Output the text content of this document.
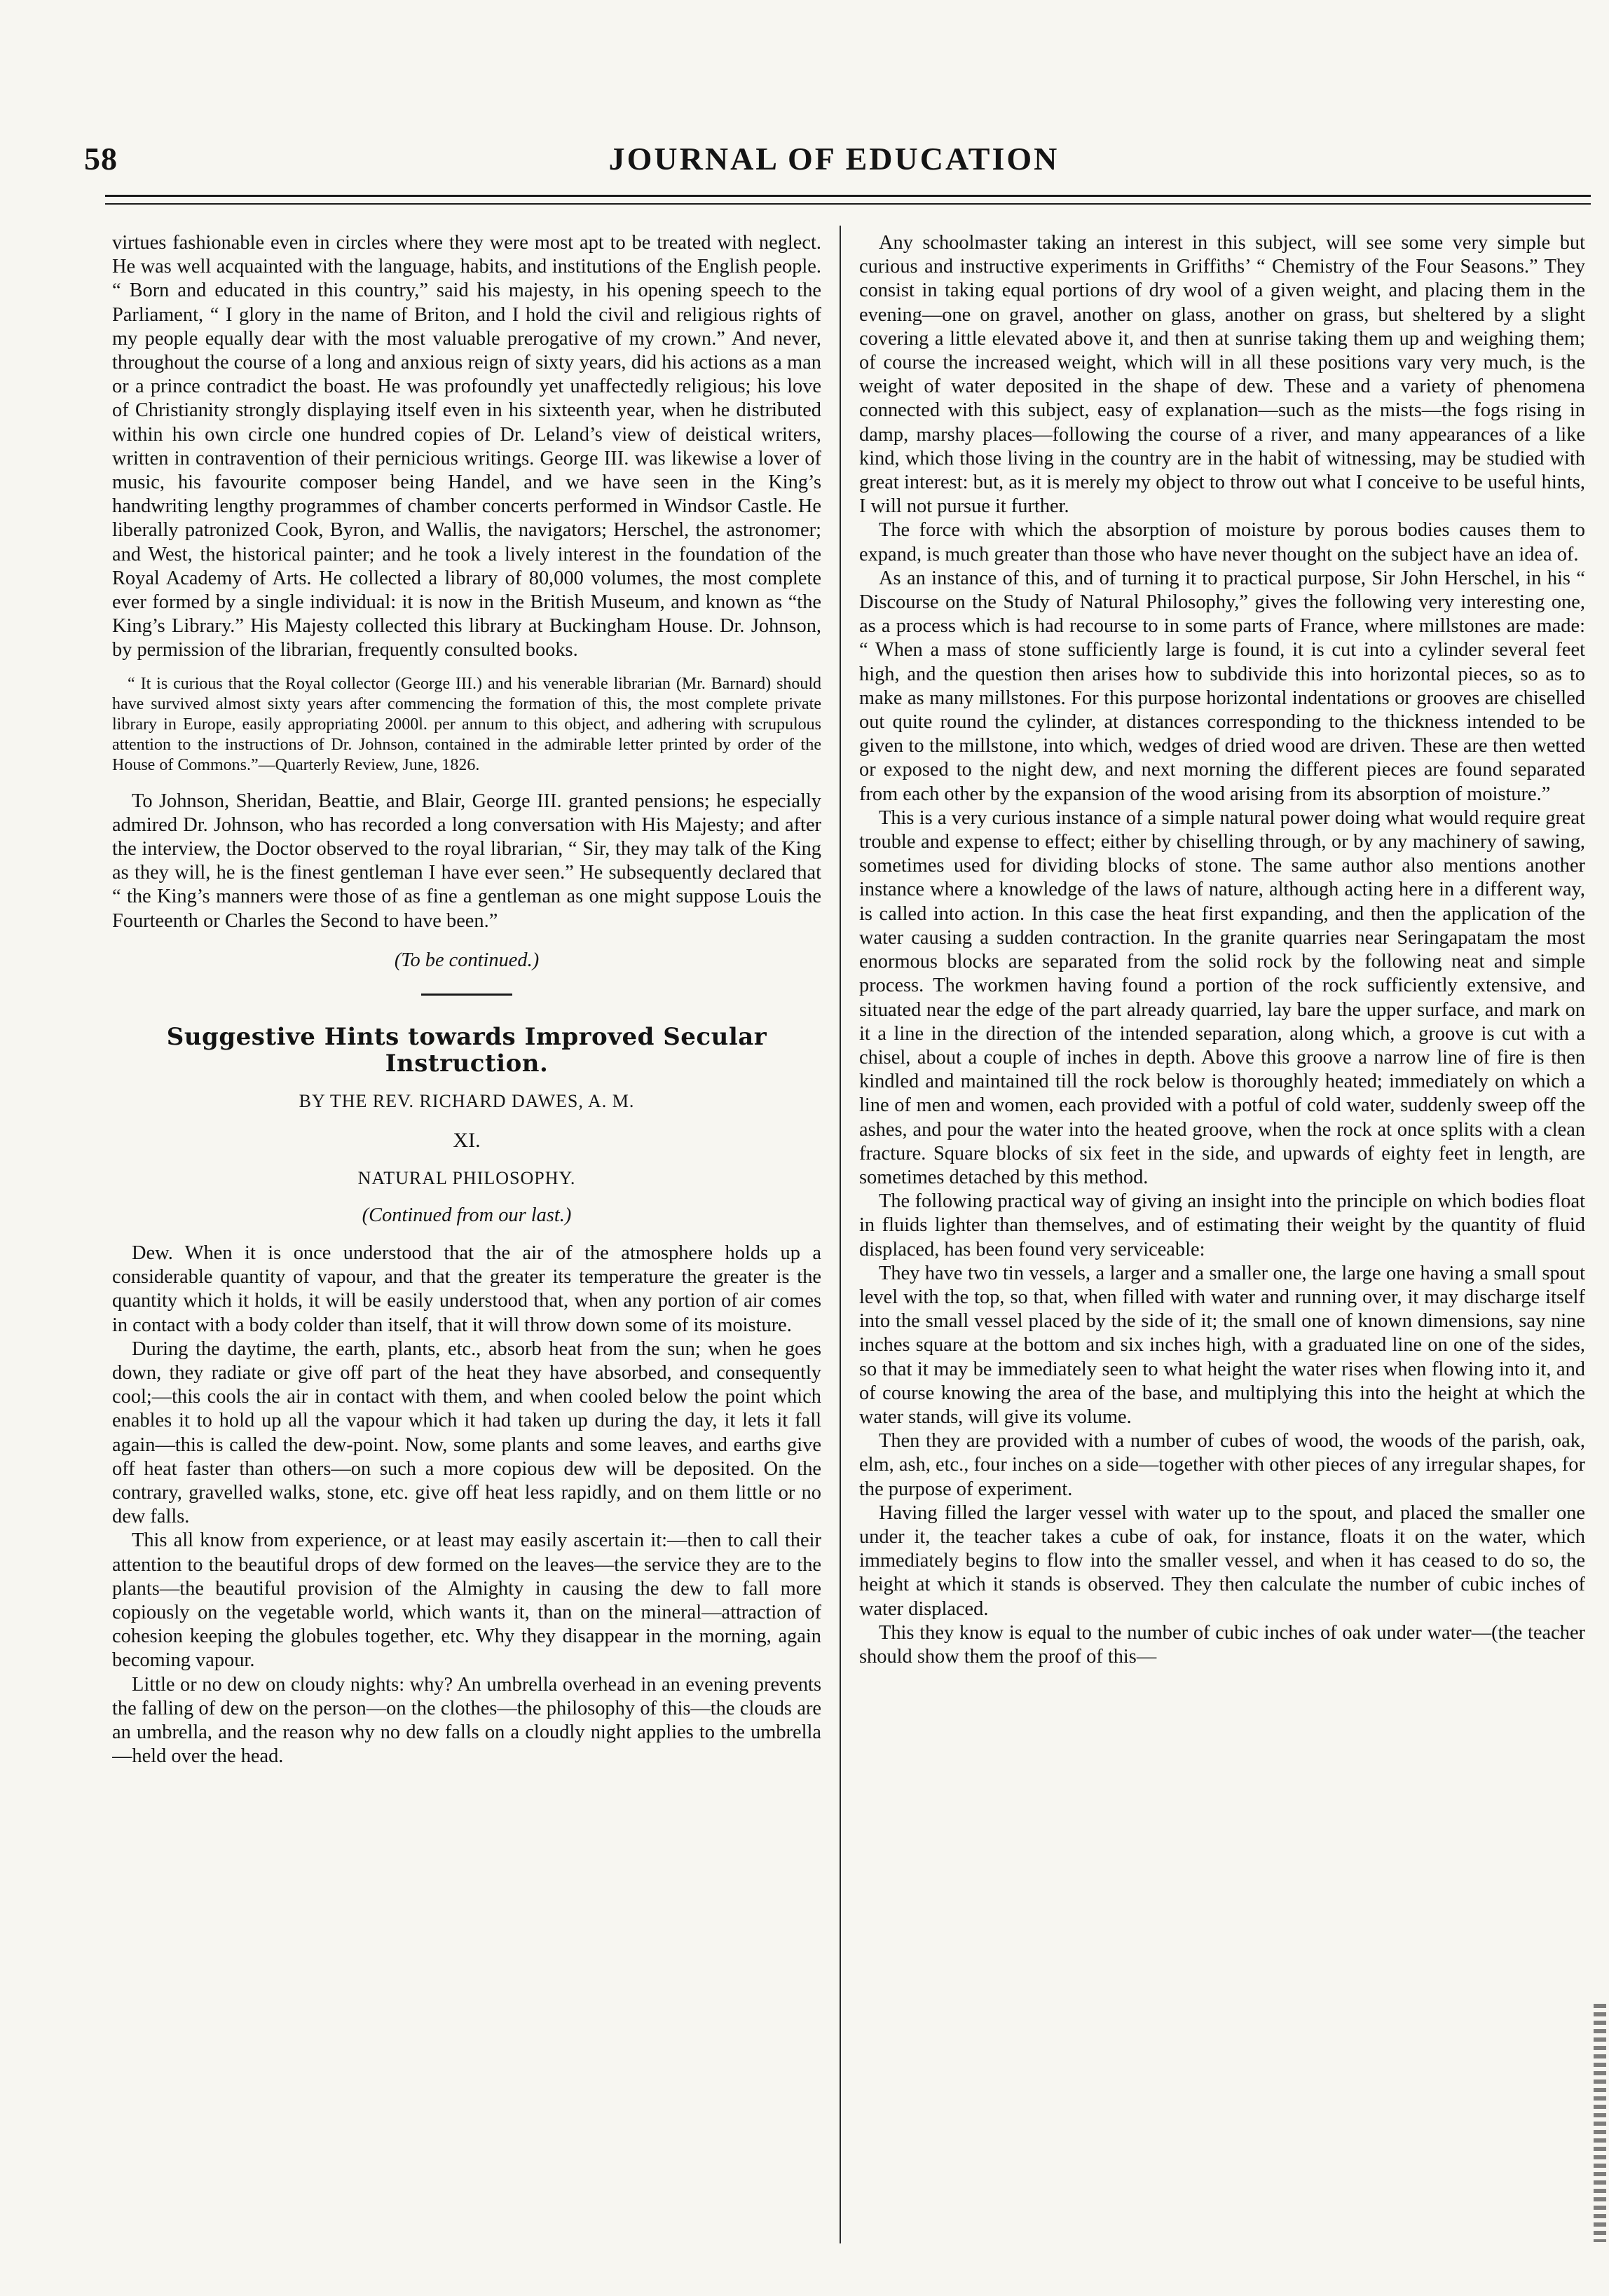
58	JOURNAL OF EDUCATION

virtues fashionable even in circles where they were most apt to be treated with neglect. He was well acquainted with the language, habits, and institutions of the English people. “ Born and educated in this country,” said his majesty, in his opening speech to the Parliament, “ I glory in the name of Briton, and I hold the civil and religious rights of my people equally dear with the most valuable prerogative of my crown.” And never, throughout the course of a long and anxious reign of sixty years, did his actions as a man or a prince contradict the boast. He was profoundly yet unaffectedly religious; his love of Christianity strongly displaying itself even in his sixteenth year, when he distributed within his own circle one hundred copies of Dr. Leland’s view of deistical writers, written in contravention of their pernicious writings. George III. was likewise a lover of music, his favourite composer being Handel, and we have seen in the King’s handwriting lengthy programmes of chamber concerts performed in Windsor Castle. He liberally patronized Cook, Byron, and Wallis, the navigators; Herschel, the astronomer; and West, the historical painter; and he took a lively interest in the foundation of the Royal Academy of Arts. He collected a library of 80,000 volumes, the most complete ever formed by a single individual: it is now in the British Museum, and known as “the King’s Library.” His Majesty collected this library at Buckingham House. Dr. Johnson, by permission of the librarian, frequently consulted books.

“ It is curious that the Royal collector (George III.) and his venerable librarian (Mr. Barnard) should have survived almost sixty years after commencing the formation of this, the most complete private library in Europe, easily appropriating 2000l. per annum to this object, and adhering with scrupulous attention to the instructions of Dr. Johnson, contained in the admirable letter printed by order of the House of Commons.”—Quarterly Review, June, 1826.

To Johnson, Sheridan, Beattie, and Blair, George III. granted pensions; he especially admired Dr. Johnson, who has recorded a long conversation with His Majesty; and after the interview, the Doctor observed to the royal librarian, “ Sir, they may talk of the King as they will, he is the finest gentleman I have ever seen.” He subsequently declared that “ the King’s manners were those of as fine a gentleman as one might suppose Louis the Fourteenth or Charles the Second to have been.”

(To be continued.)
Suggestive Hints towards Improved Secular Instruction.
BY THE REV. RICHARD DAWES, A. M.
XI.
NATURAL PHILOSOPHY.
(Continued from our last.)

Dew. When it is once understood that the air of the atmosphere holds up a considerable quantity of vapour, and that the greater its temperature the greater is the quantity which it holds, it will be easily understood that, when any portion of air comes in contact with a body colder than itself, that it will throw down some of its moisture.

During the daytime, the earth, plants, etc., absorb heat from the sun; when he goes down, they radiate or give off part of the heat they have absorbed, and consequently cool;—this cools the air in contact with them, and when cooled below the point which enables it to hold up all the vapour which it had taken up during the day, it lets it fall again—this is called the dew-point. Now, some plants and some leaves, and earths give off heat faster than others—on such a more copious dew will be deposited. On the contrary, gravelled walks, stone, etc. give off heat less rapidly, and on them little or no dew falls.

This all know from experience, or at least may easily ascertain it:—then to call their attention to the beautiful drops of dew formed on the leaves—the service they are to the plants—the beautiful provision of the Almighty in causing the dew to fall more copiously on the vegetable world, which wants it, than on the mineral—attraction of cohesion keeping the globules together, etc. Why they disappear in the morning, again becoming vapour.

Little or no dew on cloudy nights: why? An umbrella overhead in an evening prevents the falling of dew on the person—on the clothes—the philosophy of this—the clouds are an umbrella, and the reason why no dew falls on a cloudly night applies to the umbrella—held over the head.

Any schoolmaster taking an interest in this subject, will see some very simple but curious and instructive experiments in Griffiths’ “ Chemistry of the Four Seasons.” They consist in taking equal portions of dry wool of a given weight, and placing them in the evening—one on gravel, another on glass, another on grass, but sheltered by a slight covering a little elevated above it, and then at sunrise taking them up and weighing them; of course the increased weight, which will in all these positions vary very much, is the weight of water deposited in the shape of dew. These and a variety of phenomena connected with this subject, easy of explanation—such as the mists—the fogs rising in damp, marshy places—following the course of a river, and many appearances of a like kind, which those living in the country are in the habit of witnessing, may be studied with great interest: but, as it is merely my object to throw out what I conceive to be useful hints, I will not pursue it further.

The force with which the absorption of moisture by porous bodies causes them to expand, is much greater than those who have never thought on the subject have an idea of.

As an instance of this, and of turning it to practical purpose, Sir John Herschel, in his “ Discourse on the Study of Natural Philosophy,” gives the following very interesting one, as a process which is had recourse to in some parts of France, where millstones are made: “ When a mass of stone sufficiently large is found, it is cut into a cylinder several feet high, and the question then arises how to subdivide this into horizontal pieces, so as to make as many millstones. For this purpose horizontal indentations or grooves are chiselled out quite round the cylinder, at distances corresponding to the thickness intended to be given to the millstone, into which, wedges of dried wood are driven. These are then wetted or exposed to the night dew, and next morning the different pieces are found separated from each other by the expansion of the wood arising from its absorption of moisture.”

This is a very curious instance of a simple natural power doing what would require great trouble and expense to effect; either by chiselling through, or by any machinery of sawing, sometimes used for dividing blocks of stone. The same author also mentions another instance where a knowledge of the laws of nature, although acting here in a different way, is called into action. In this case the heat first expanding, and then the application of the water causing a sudden contraction. In the granite quarries near Seringapatam the most enormous blocks are separated from the solid rock by the following neat and simple process. The workmen having found a portion of the rock sufficiently extensive, and situated near the edge of the part already quarried, lay bare the upper surface, and mark on it a line in the direction of the intended separation, along which, a groove is cut with a chisel, about a couple of inches in depth. Above this groove a narrow line of fire is then kindled and maintained till the rock below is thoroughly heated; immediately on which a line of men and women, each provided with a potful of cold water, suddenly sweep off the ashes, and pour the water into the heated groove, when the rock at once splits with a clean fracture. Square blocks of six feet in the side, and upwards of eighty feet in length, are sometimes detached by this method.

The following practical way of giving an insight into the principle on which bodies float in fluids lighter than themselves, and of estimating their weight by the quantity of fluid displaced, has been found very serviceable:

They have two tin vessels, a larger and a smaller one, the large one having a small spout level with the top, so that, when filled with water and running over, it may discharge itself into the small vessel placed by the side of it; the small one of known dimensions, say nine inches square at the bottom and six inches high, with a graduated line on one of the sides, so that it may be immediately seen to what height the water rises when flowing into it, and of course knowing the area of the base, and multiplying this into the height at which the water stands, will give its volume.

Then they are provided with a number of cubes of wood, the woods of the parish, oak, elm, ash, etc., four inches on a side—together with other pieces of any irregular shapes, for the purpose of experiment.

Having filled the larger vessel with water up to the spout, and placed the smaller one under it, the teacher takes a cube of oak, for instance, floats it on the water, which immediately begins to flow into the smaller vessel, and when it has ceased to do so, the height at which it stands is observed. They then calculate the number of cubic inches of water displaced.

This they know is equal to the number of cubic inches of oak under water—(the teacher should show them the proof of this—
